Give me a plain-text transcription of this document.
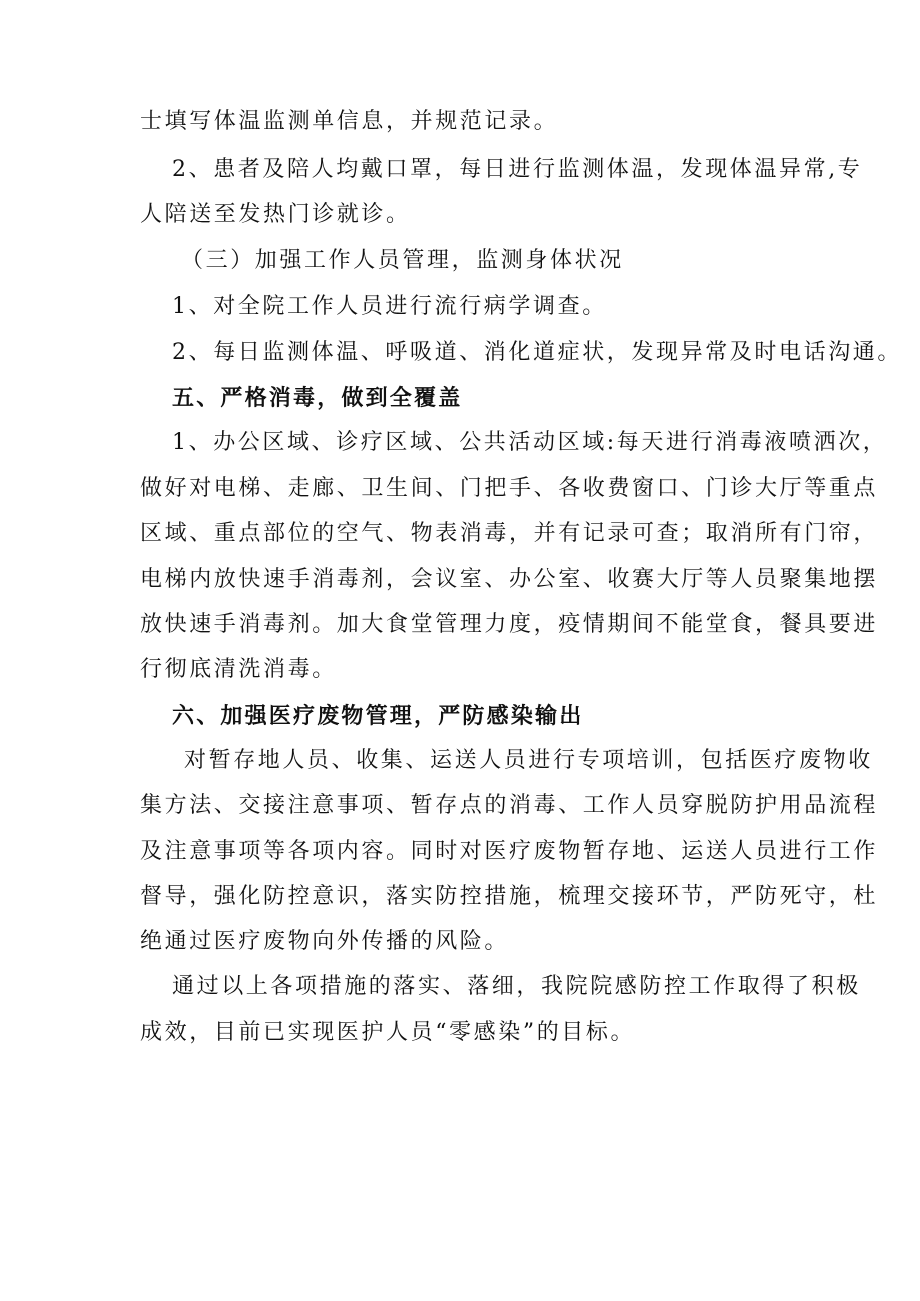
士填写体温监测单信息，并规范记录。
2、患者及陪人均戴口罩，每日进行监测体温，发现体温异常,专
人陪送至发热门诊就诊。
（三）加强工作人员管理，监测身体状况
1、对全院工作人员进行流行病学调查。
2、每日监测体温、呼吸道、消化道症状，发现异常及时电话沟通。
五、严格消毒，做到全覆盖
1、办公区域、诊疗区域、公共活动区域:每天进行消毒液喷洒次，
做好对电梯、走廊、卫生间、门把手、各收费窗口、门诊大厅等重点
区域、重点部位的空气、物表消毒，并有记录可查；取消所有门帘，
电梯内放快速手消毒剂，会议室、办公室、收赛大厅等人员聚集地摆
放快速手消毒剂。加大食堂管理力度，疫情期间不能堂食，餐具要进
行彻底清洗消毒。
六、加强医疗废物管理，严防感染输出
对暂存地人员、收集、运送人员进行专项培训，包括医疗废物收
集方法、交接注意事项、暂存点的消毒、工作人员穿脱防护用品流程
及注意事项等各项内容。同时对医疗废物暂存地、运送人员进行工作
督导，强化防控意识，落实防控措施，梳理交接环节，严防死守，杜
绝通过医疗废物向外传播的风险。
通过以上各项措施的落实、落细，我院院感防控工作取得了积极
成效，目前已实现医护人员“零感染”的目标。
